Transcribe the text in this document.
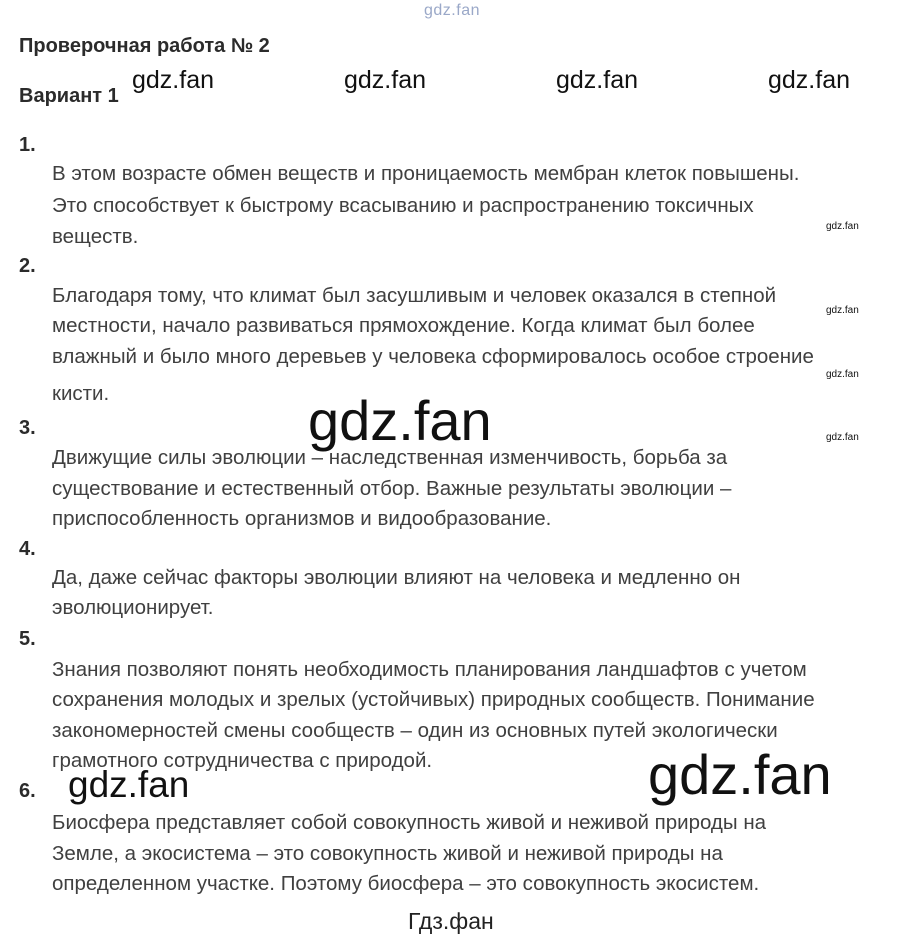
gdz.fan
Проверочная работа № 2
Вариант 1
gdz.fan	gdz.fan	gdz.fan	gdz.fan
1.
В этом возрасте обмен веществ и проницаемость мембран клеток повышены.
Это способствует к быстрому всасыванию и распространению токсичных
веществ.
2.
Благодаря тому, что климат был засушливым и человек оказался в степной
местности, начало развиваться прямохождение. Когда климат был более
влажный и было много деревьев у человека сформировалось особое строение
кисти.
3.
Движущие силы эволюции – наследственная изменчивость, борьба за
существование и естественный отбор. Важные результаты эволюции –
приспособленность организмов и видообразование.
4.
Да, даже сейчас факторы эволюции влияют на человека и медленно он
эволюционирует.
5.
Знания позволяют понять необходимость планирования ландшафтов с учетом
сохранения молодых и зрелых (устойчивых) природных сообществ. Понимание
закономерностей смены сообществ – один из основных путей экологически
грамотного сотрудничества с природой.
6.
Биосфера представляет собой совокупность живой и неживой природы на
Земле, а экосистема – это совокупность живой и неживой природы на
определенном участке. Поэтому биосфера – это совокупность экосистем.
gdz.fan
gdz.fan
gdz.fan
gdz.fan
gdz.fan
gdz.fan	gdz.fan
Гдз.фан
